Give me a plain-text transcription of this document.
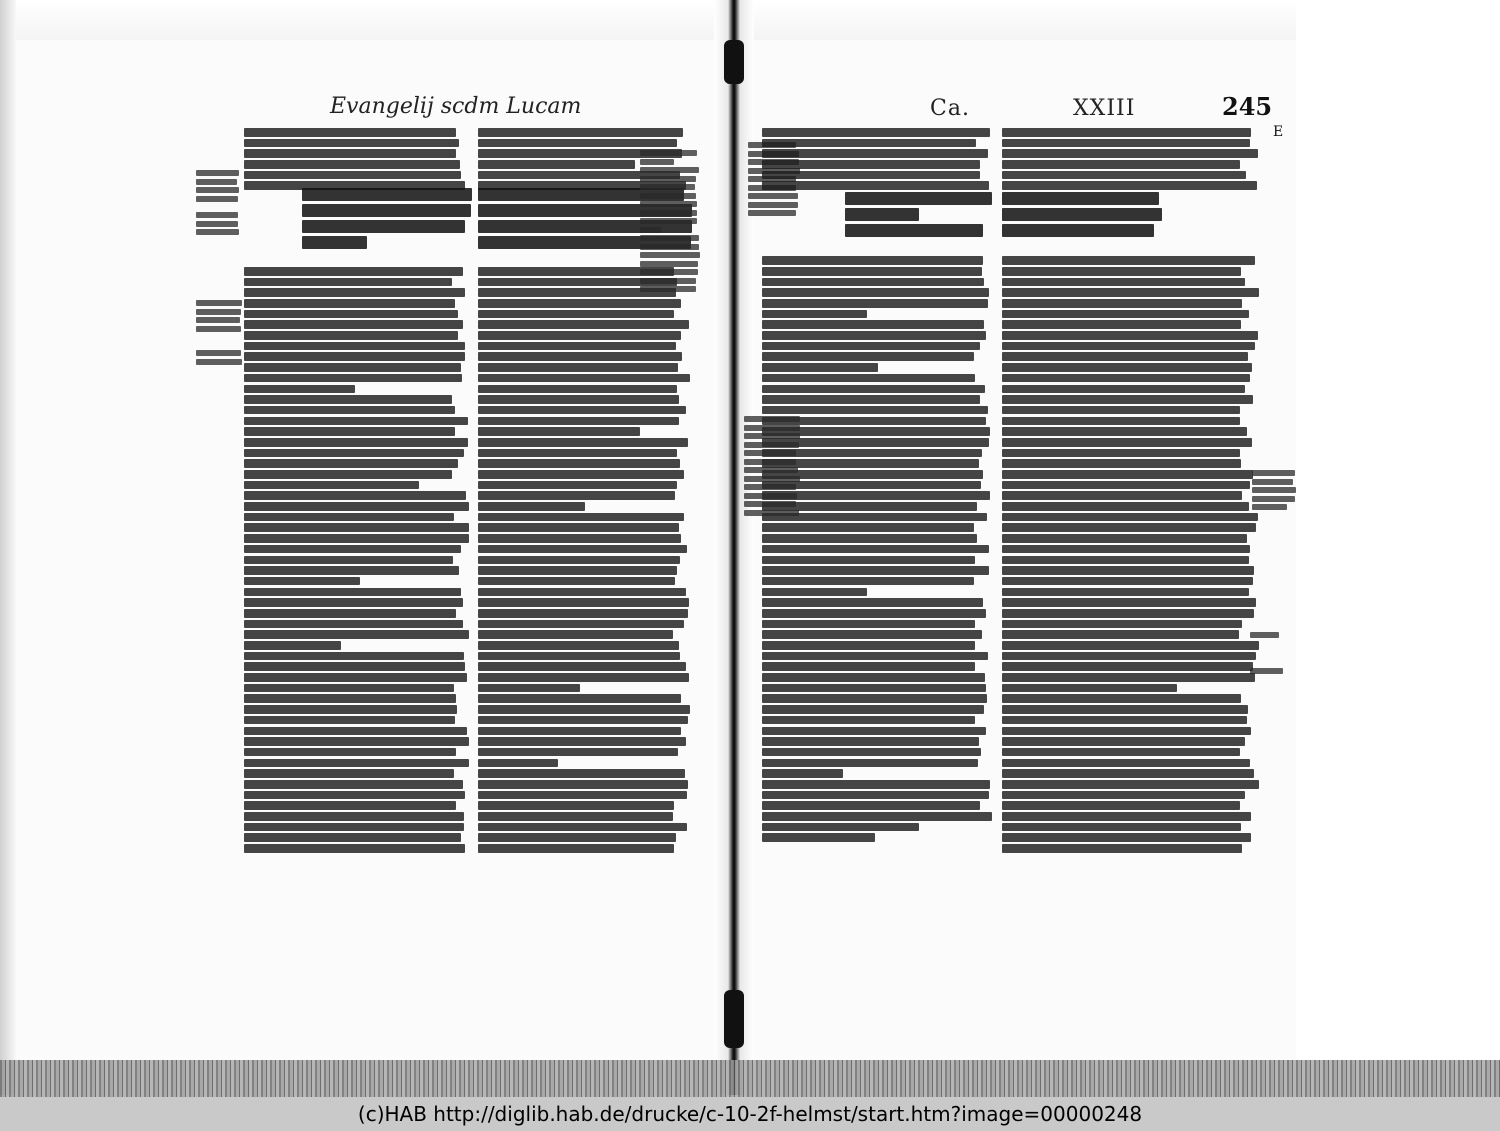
Evangelij scdm Lucam	Ca.	XXIII	245
E
(c)HAB http://diglib.hab.de/drucke/c-10-2f-helmst/start.htm?image=00000248
